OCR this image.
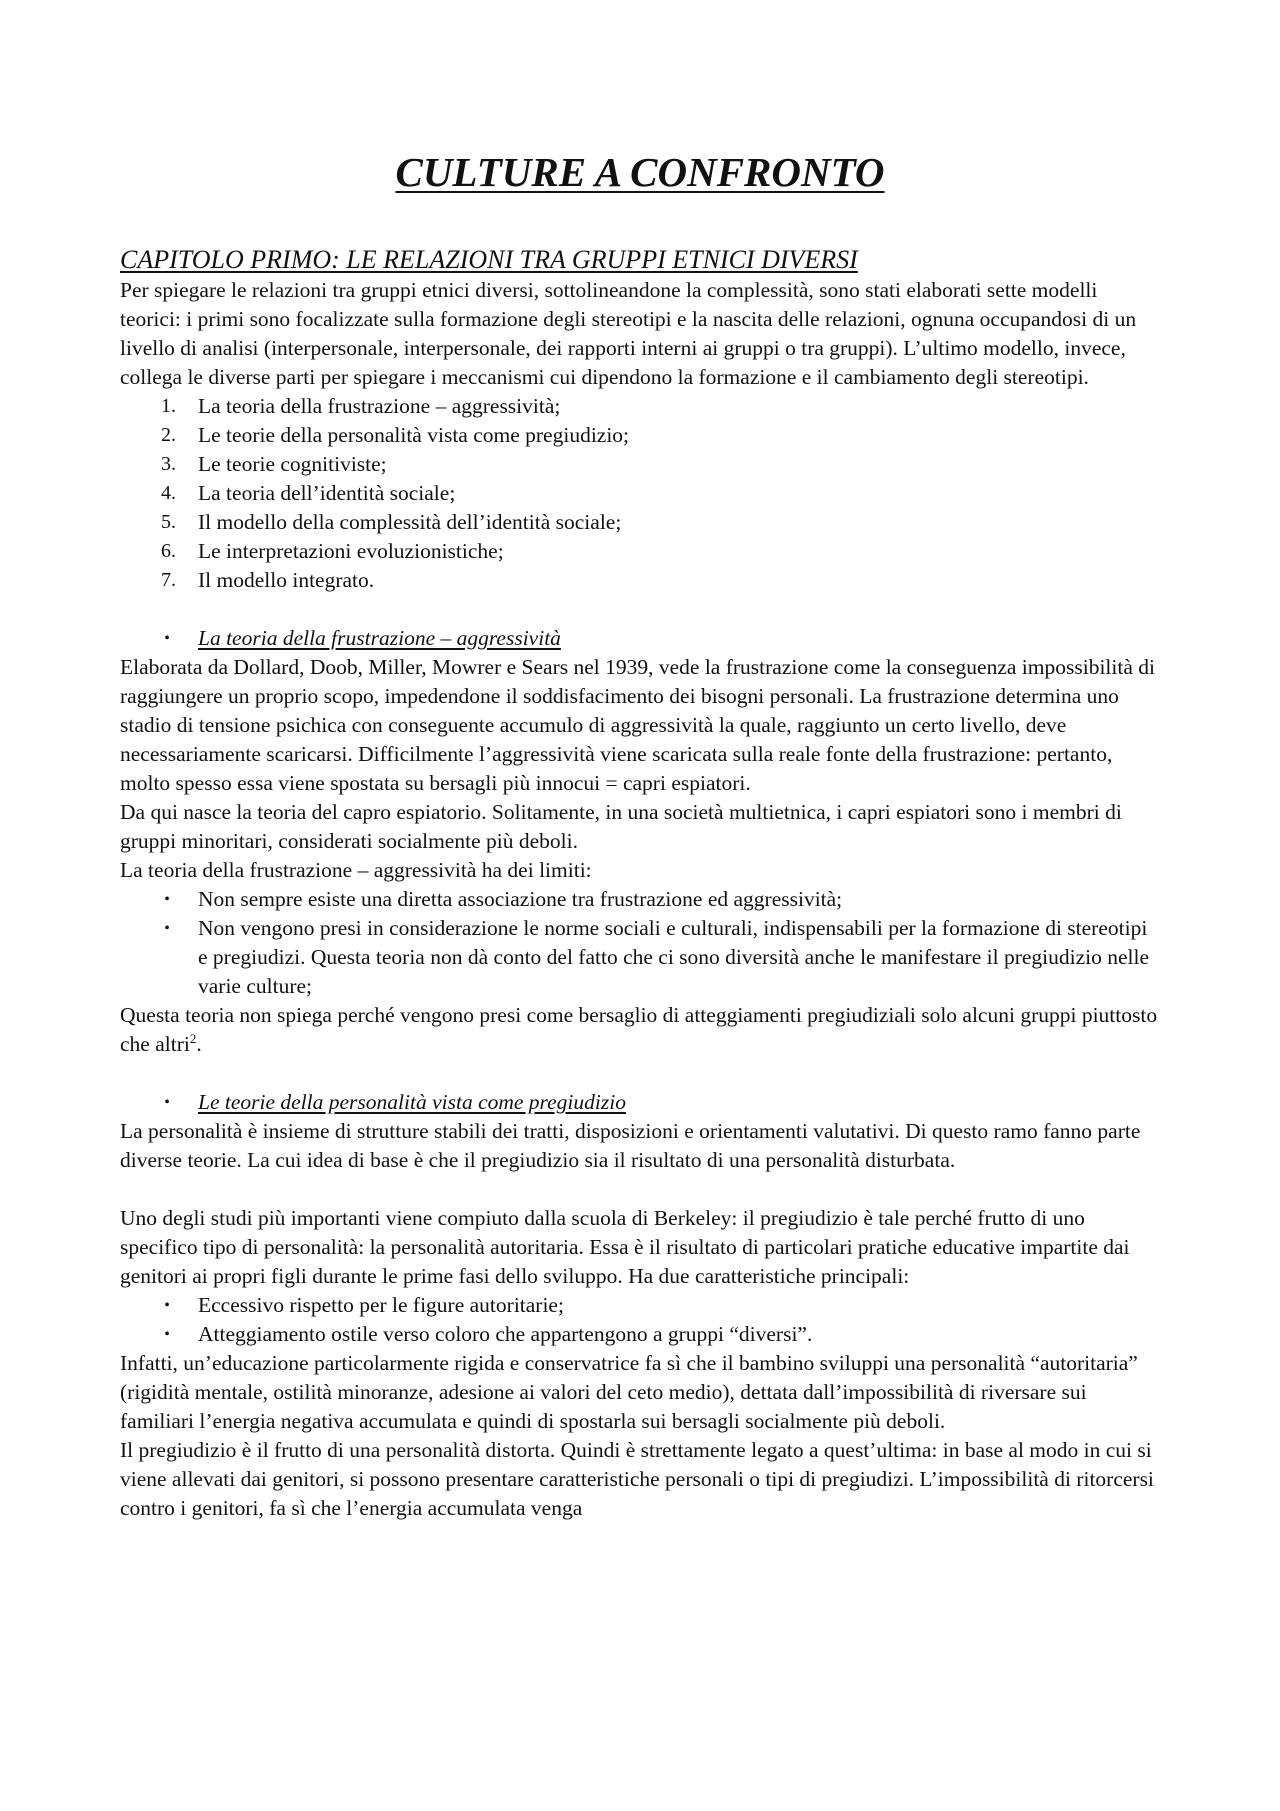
CULTURE A CONFRONTO
CAPITOLO PRIMO: LE RELAZIONI TRA GRUPPI ETNICI DIVERSI

Per spiegare le relazioni tra gruppi etnici diversi, sottolineandone la complessità, sono stati elaborati sette modelli teorici: i primi sono focalizzate sulla formazione degli stereotipi e la nascita delle relazioni, ognuna occupandosi di un livello di analisi (interpersonale, interpersonale, dei rapporti interni ai gruppi o tra gruppi). L’ultimo modello, invece, collega le diverse parti per spiegare i meccanismi cui dipendono la formazione e il cambiamento degli stereotipi.

1. La teoria della frustrazione – aggressività;
2. Le teorie della personalità vista come pregiudizio;
3. Le teorie cognitiviste;
4. La teoria dell’identità sociale;
5. Il modello della complessità dell’identità sociale;
6. Le interpretazioni evoluzionistiche;
7. Il modello integrato.
• La teoria della frustrazione – aggressività

Elaborata da Dollard, Doob, Miller, Mowrer e Sears nel 1939, vede la frustrazione come la conseguenza impossibilità di raggiungere un proprio scopo, impedendone il soddisfacimento dei bisogni personali. La frustrazione determina uno stadio di tensione psichica con conseguente accumulo di aggressività la quale, raggiunto un certo livello, deve necessariamente scaricarsi. Difficilmente l’aggressività viene scaricata sulla reale fonte della frustrazione: pertanto, molto spesso essa viene spostata su bersagli più innocui = capri espiatori.

Da qui nasce la teoria del capro espiatorio. Solitamente, in una società multietnica, i capri espiatori sono i membri di gruppi minoritari, considerati socialmente più deboli.

La teoria della frustrazione – aggressività ha dei limiti:

• Non sempre esiste una diretta associazione tra frustrazione ed aggressività;
• Non vengono presi in considerazione le norme sociali e culturali, indispensabili per la formazione di stereotipi e pregiudizi. Questa teoria non dà conto del fatto che ci sono diversità anche le manifestare il pregiudizio nelle varie culture;

Questa teoria non spiega perché vengono presi come bersaglio di atteggiamenti pregiudiziali solo alcuni gruppi piuttosto che altri$^2$.

• Le teorie della personalità vista come pregiudizio

La personalità è insieme di strutture stabili dei tratti, disposizioni e orientamenti valutativi. Di questo ramo fanno parte diverse teorie. La cui idea di base è che il pregiudizio sia il risultato di una personalità disturbata.

Uno degli studi più importanti viene compiuto dalla scuola di Berkeley: il pregiudizio è tale perché frutto di uno specifico tipo di personalità: la personalità autoritaria. Essa è il risultato di particolari pratiche educative impartite dai genitori ai propri figli durante le prime fasi dello sviluppo. Ha due caratteristiche principali:

• Eccessivo rispetto per le figure autoritarie;
• Atteggiamento ostile verso coloro che appartengono a gruppi “diversi”.

Infatti, un’educazione particolarmente rigida e conservatrice fa sì che il bambino sviluppi una personalità “autoritaria” (rigidità mentale, ostilità minoranze, adesione ai valori del ceto medio), dettata dall’impossibilità di riversare sui familiari l’energia negativa accumulata e quindi di spostarla sui bersagli socialmente più deboli.

Il pregiudizio è il frutto di una personalità distorta. Quindi è strettamente legato a quest’ultima: in base al modo in cui si viene allevati dai genitori, si possono presentare caratteristiche personali o tipi di pregiudizi. L’impossibilità di ritorcersi contro i genitori, fa sì che l’energia accumulata venga
